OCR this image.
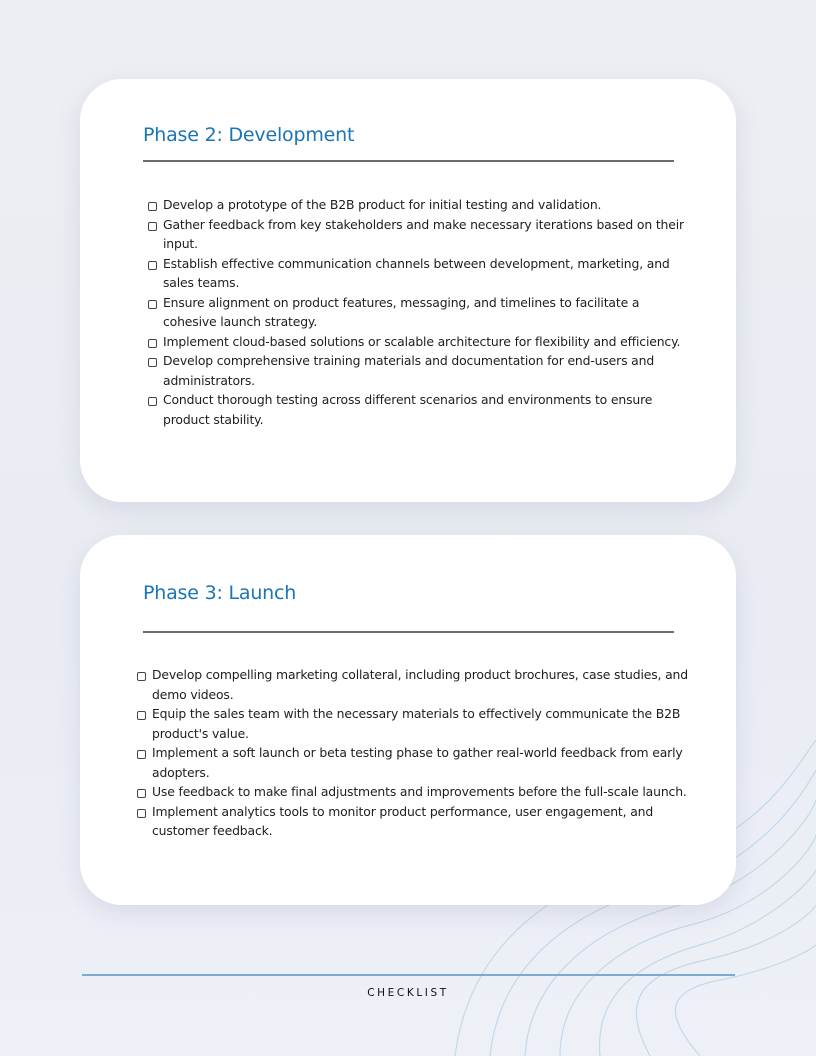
Phase 2: Development
Develop a prototype of the B2B product for initial testing and validation.
Gather feedback from key stakeholders and make necessary iterations based on their input.
Establish effective communication channels between development, marketing, and sales teams.
Ensure alignment on product features, messaging, and timelines to facilitate a cohesive launch strategy.
Implement cloud-based solutions or scalable architecture for flexibility and efficiency.
Develop comprehensive training materials and documentation for end-users and administrators.
Conduct thorough testing across different scenarios and environments to ensure product stability.
Phase 3: Launch
Develop compelling marketing collateral, including product brochures, case studies, and demo videos.
Equip the sales team with the necessary materials to effectively communicate the B2B product's value.
Implement a soft launch or beta testing phase to gather real-world feedback from early adopters.
Use feedback to make final adjustments and improvements before the full-scale launch.
Implement analytics tools to monitor product performance, user engagement, and customer feedback.
CHECKLIST
